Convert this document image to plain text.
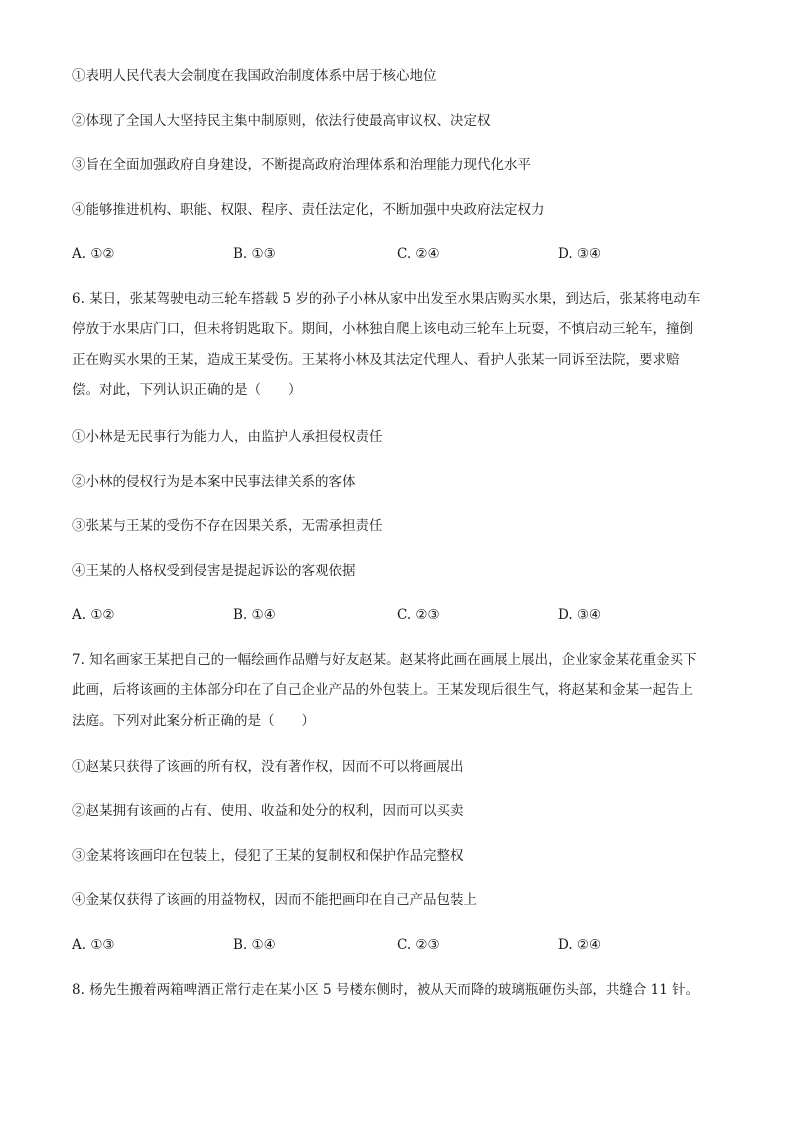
①表明人民代表大会制度在我国政治制度体系中居于核心地位
②体现了全国人大坚持民主集中制原则，依法行使最高审议权、决定权
③旨在全面加强政府自身建设，不断提高政府治理体系和治理能力现代化水平
④能够推进机构、职能、权限、程序、责任法定化，不断加强中央政府法定权力
A. ①②	B. ①③	C. ②④	D. ③④
6. 某日，张某驾驶电动三轮车搭载 5 岁的孙子小林从家中出发至水果店购买水果，到达后，张某将电动车
停放于水果店门口，但未将钥匙取下。期间，小林独自爬上该电动三轮车上玩耍，不慎启动三轮车，撞倒
正在购买水果的王某，造成王某受伤。王某将小林及其法定代理人、看护人张某一同诉至法院，要求赔
偿。对此，下列认识正确的是（　　）
①小林是无民事行为能力人，由监护人承担侵权责任
②小林的侵权行为是本案中民事法律关系的客体
③张某与王某的受伤不存在因果关系，无需承担责任
④王某的人格权受到侵害是提起诉讼的客观依据
A. ①②	B. ①④	C. ②③	D. ③④
7. 知名画家王某把自己的一幅绘画作品赠与好友赵某。赵某将此画在画展上展出，企业家金某花重金买下
此画，后将该画的主体部分印在了自己企业产品的外包装上。王某发现后很生气，将赵某和金某一起告上
法庭。下列对此案分析正确的是（　　）
①赵某只获得了该画的所有权，没有著作权，因而不可以将画展出
②赵某拥有该画的占有、使用、收益和处分的权利，因而可以买卖
③金某将该画印在包装上，侵犯了王某的复制权和保护作品完整权
④金某仅获得了该画的用益物权，因而不能把画印在自己产品包装上
A. ①③	B. ①④	C. ②③	D. ②④
8. 杨先生搬着两箱啤酒正常行走在某小区 5 号楼东侧时，被从天而降的玻璃瓶砸伤头部，共缝合 11 针。
